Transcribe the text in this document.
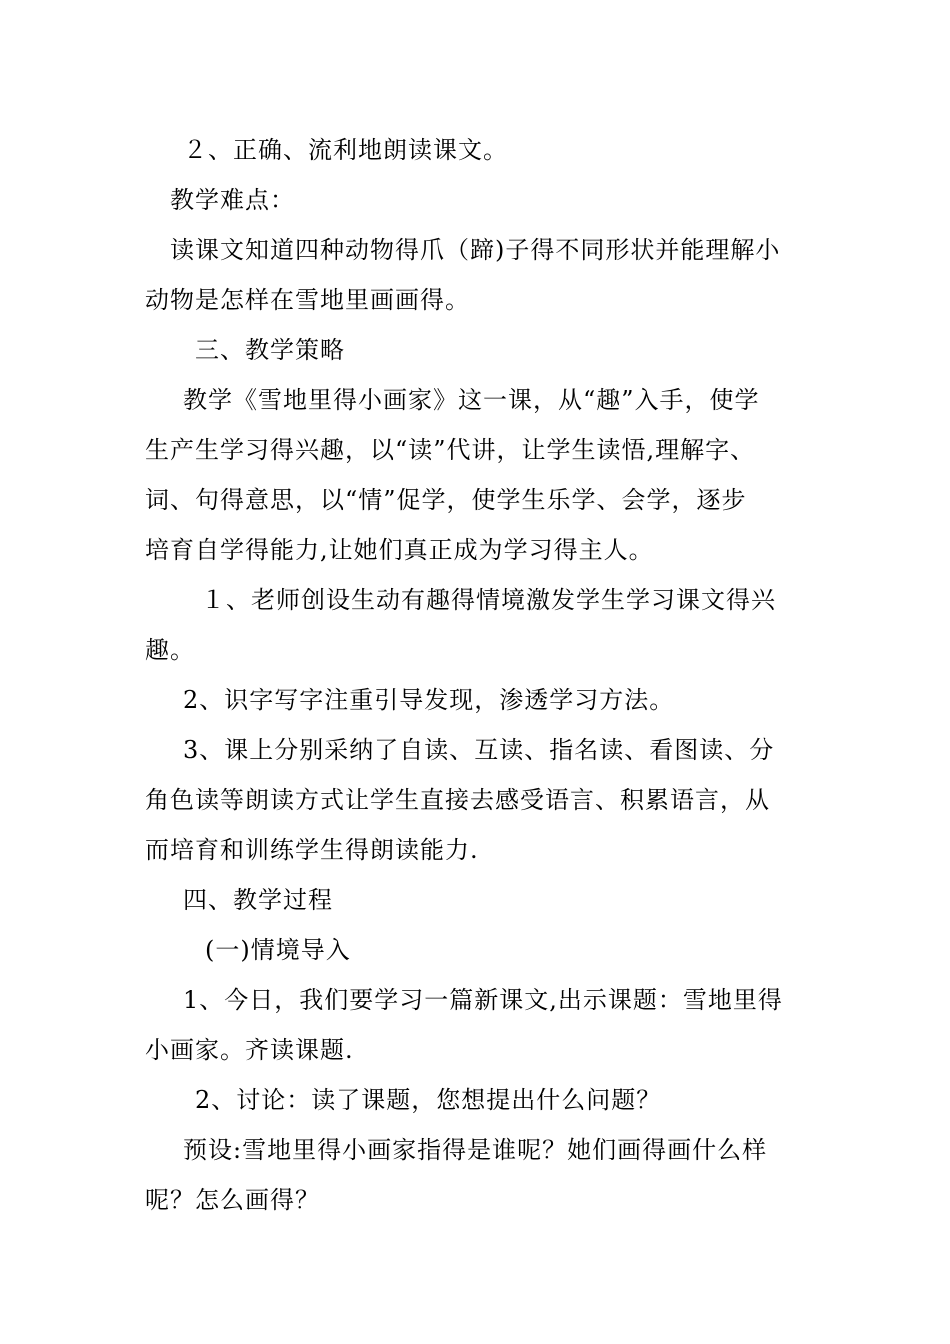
２、正确、流利地朗读课文。
教学难点：
读课文知道四种动物得爪（蹄)子得不同形状并能理解小
动物是怎样在雪地里画画得。
三、教学策略
教学《雪地里得小画家》这一课，从“趣”入手，使学
生产生学习得兴趣，以“读”代讲，让学生读悟,理解字、
词、句得意思，以“情”促学，使学生乐学、会学，逐步
培育自学得能力,让她们真正成为学习得主人。
１、老师创设生动有趣得情境激发学生学习课文得兴
趣。
2、识字写字注重引导发现，渗透学习方法。
3、课上分别采纳了自读、互读、指名读、看图读、分
角色读等朗读方式让学生直接去感受语言、积累语言，从
而培育和训练学生得朗读能力.
四、教学过程
(一)情境导入
1、今日，我们要学习一篇新课文,出示课题：雪地里得
小画家。齐读课题.
2、讨论：读了课题，您想提出什么问题？
预设:雪地里得小画家指得是谁呢？她们画得画什么样
呢？怎么画得？
